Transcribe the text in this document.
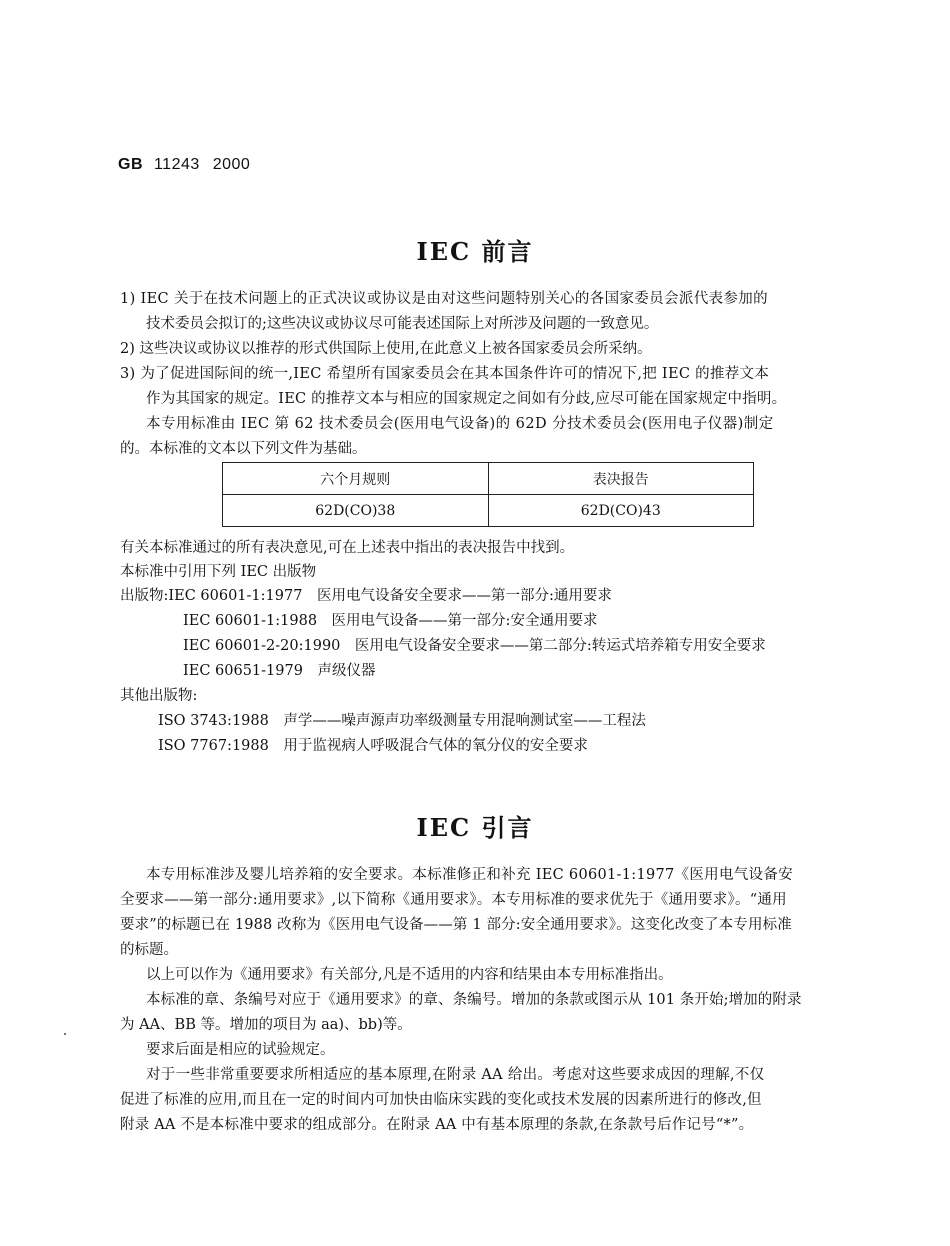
GB 11243 2000
IEC 前言
1) IEC 关于在技术问题上的正式决议或协议是由对这些问题特别关心的各国家委员会派代表参加的
技术委员会拟订的;这些决议或协议尽可能表述国际上对所涉及问题的一致意见。
2) 这些决议或协议以推荐的形式供国际上使用,在此意义上被各国家委员会所采纳。
3) 为了促进国际间的统一,IEC 希望所有国家委员会在其本国条件许可的情况下,把 IEC 的推荐文本
作为其国家的规定。IEC 的推荐文本与相应的国家规定之间如有分歧,应尽可能在国家规定中指明。
本专用标准由 IEC 第 62 技术委员会(医用电气设备)的 62D 分技术委员会(医用电子仪器)制定
的。本标准的文本以下列文件为基础。
六个月规则	表决报告
62D(CO)38	62D(CO)43
有关本标准通过的所有表决意见,可在上述表中指出的表决报告中找到。
本标准中引用下列 IEC 出版物
出版物:IEC 60601-1:1977　医用电气设备安全要求——第一部分:通用要求
IEC 60601-1:1988　医用电气设备——第一部分:安全通用要求
IEC 60601-2-20:1990　医用电气设备安全要求——第二部分:转运式培养箱专用安全要求
IEC 60651-1979　声级仪器
其他出版物:
ISO 3743:1988　声学——噪声源声功率级测量专用混响测试室——工程法
ISO 7767:1988　用于监视病人呼吸混合气体的氧分仪的安全要求
IEC 引言
本专用标准涉及婴儿培养箱的安全要求。本标准修正和补充 IEC 60601-1:1977《医用电气设备安
全要求——第一部分:通用要求》,以下简称《通用要求》。本专用标准的要求优先于《通用要求》。“通用
要求”的标题已在 1988 改称为《医用电气设备——第 1 部分:安全通用要求》。这变化改变了本专用标准
的标题。
以上可以作为《通用要求》有关部分,凡是不适用的内容和结果由本专用标准指出。
本标准的章、条编号对应于《通用要求》的章、条编号。增加的条款或图示从 101 条开始;增加的附录
为 AA、BB 等。增加的项目为 aa)、bb)等。
要求后面是相应的试验规定。
对于一些非常重要要求所相适应的基本原理,在附录 AA 给出。考虑对这些要求成因的理解,不仅
促进了标准的应用,而且在一定的时间内可加快由临床实践的变化或技术发展的因素所进行的修改,但
附录 AA 不是本标准中要求的组成部分。在附录 AA 中有基本原理的条款,在条款号后作记号“*”。
